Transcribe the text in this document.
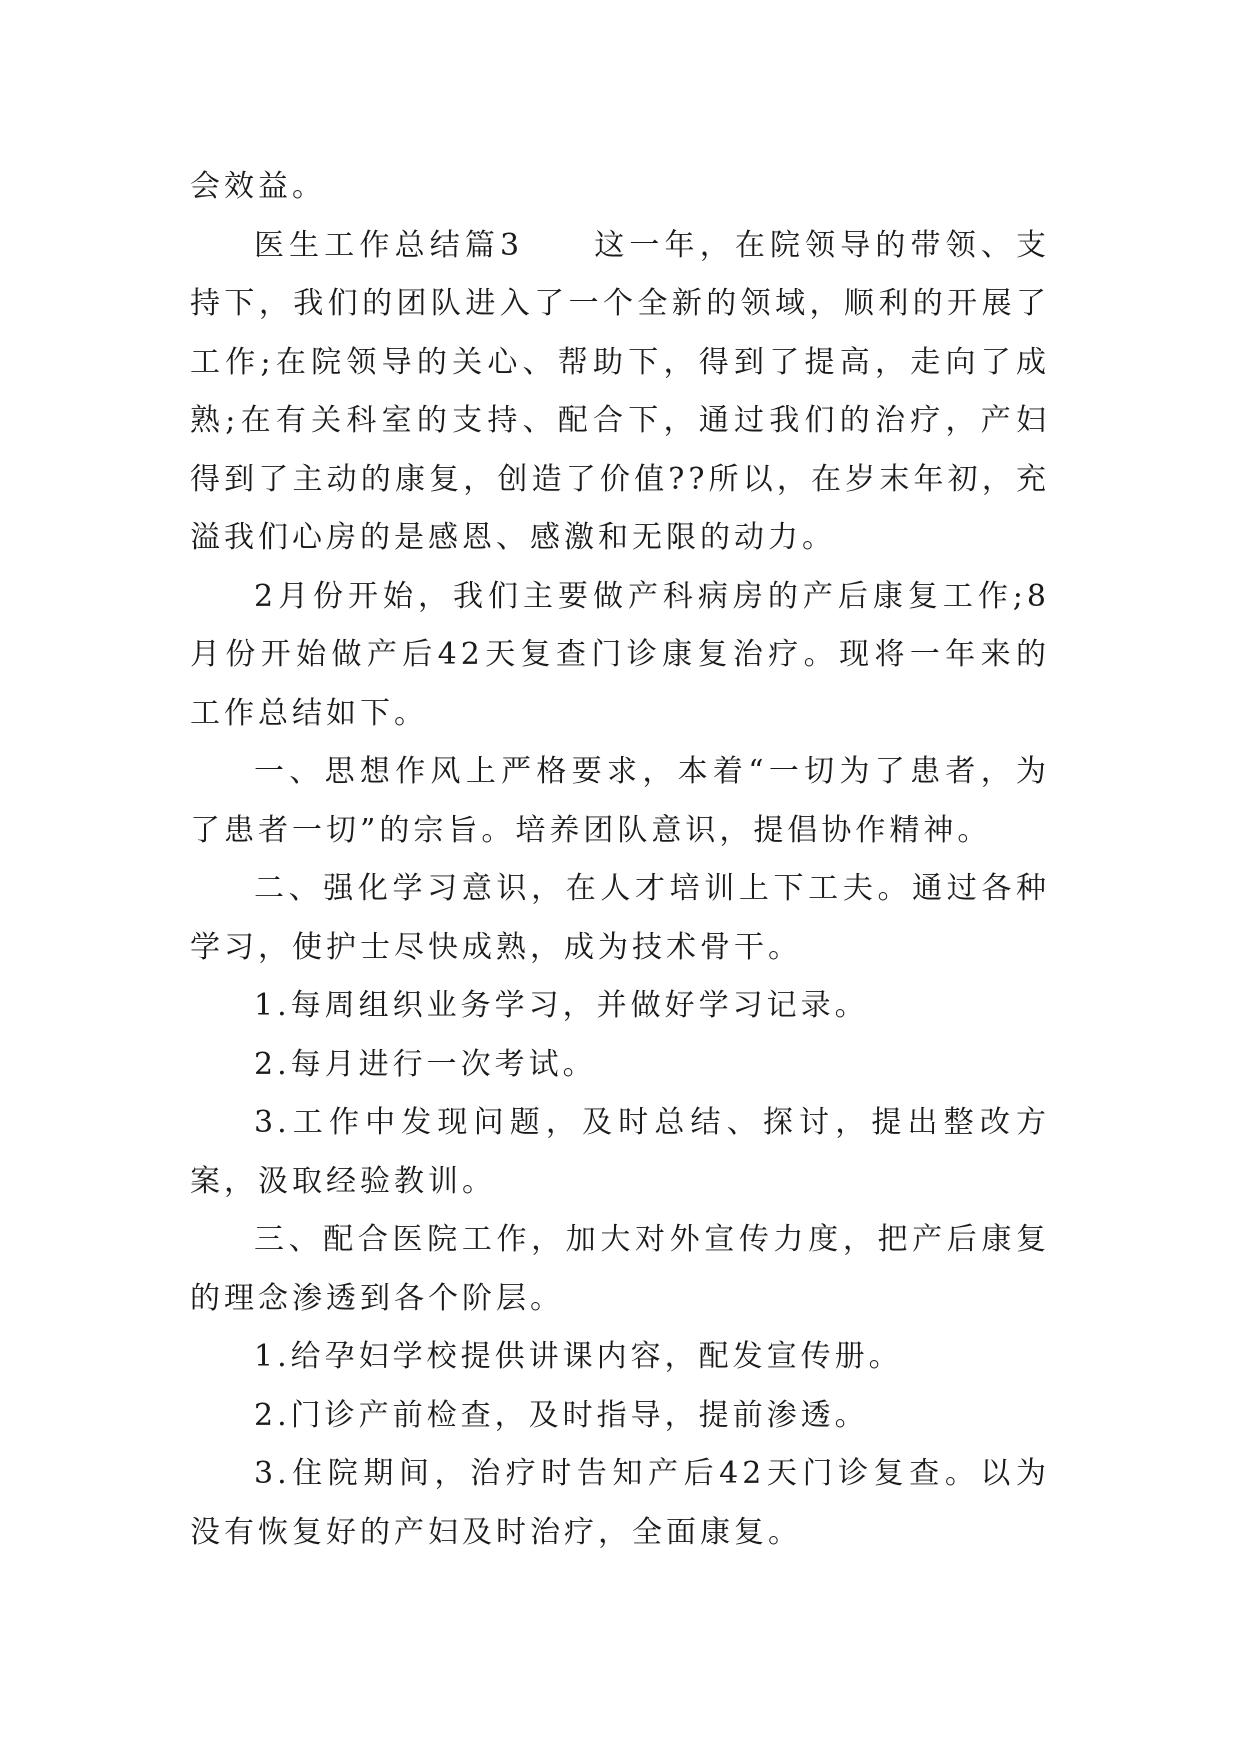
会效益。

医生工作总结篇3 这一年，在院领导的带领、支持下，我们的团队进入了一个全新的领域，顺利的开展了工作;在院领导的关心、帮助下，得到了提高，走向了成熟;在有关科室的支持、配合下，通过我们的治疗，产妇得到了主动的康复，创造了价值??所以，在岁末年初，充溢我们心房的是感恩、感激和无限的动力。

2月份开始，我们主要做产科病房的产后康复工作;8月份开始做产后42天复查门诊康复治疗。现将一年来的工作总结如下。

一、思想作风上严格要求，本着“一切为了患者，为了患者一切”的宗旨。培养团队意识，提倡协作精神。

二、强化学习意识，在人才培训上下工夫。通过各种学习，使护士尽快成熟，成为技术骨干。

1.每周组织业务学习，并做好学习记录。

2.每月进行一次考试。

3.工作中发现问题，及时总结、探讨，提出整改方案，汲取经验教训。

三、配合医院工作，加大对外宣传力度，把产后康复的理念渗透到各个阶层。

1.给孕妇学校提供讲课内容，配发宣传册。

2.门诊产前检查，及时指导，提前渗透。

3.住院期间，治疗时告知产后42天门诊复查。以为没有恢复好的产妇及时治疗，全面康复。
